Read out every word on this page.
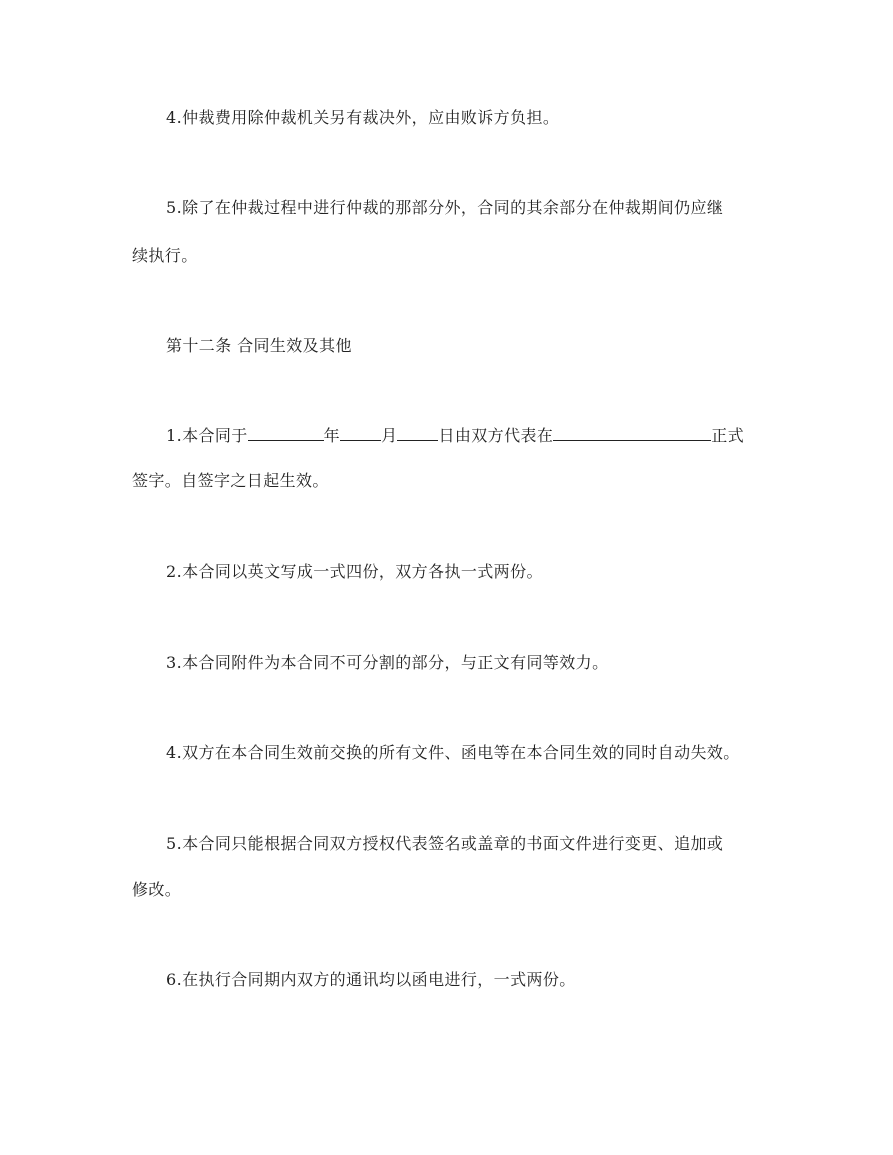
4.仲裁费用除仲裁机关另有裁决外，应由败诉方负担。
5.除了在仲裁过程中进行仲裁的那部分外，合同的其余部分在仲裁期间仍应继
续执行。
第十二条 合同生效及其他
1.本合同于	年	月	日由双方代表在	正式
签字。自签字之日起生效。
2.本合同以英文写成一式四份，双方各执一式两份。
3.本合同附件为本合同不可分割的部分，与正文有同等效力。
4.双方在本合同生效前交换的所有文件、函电等在本合同生效的同时自动失效。
5.本合同只能根据合同双方授权代表签名或盖章的书面文件进行变更、追加或
修改。
6.在执行合同期内双方的通讯均以函电进行，一式两份。
